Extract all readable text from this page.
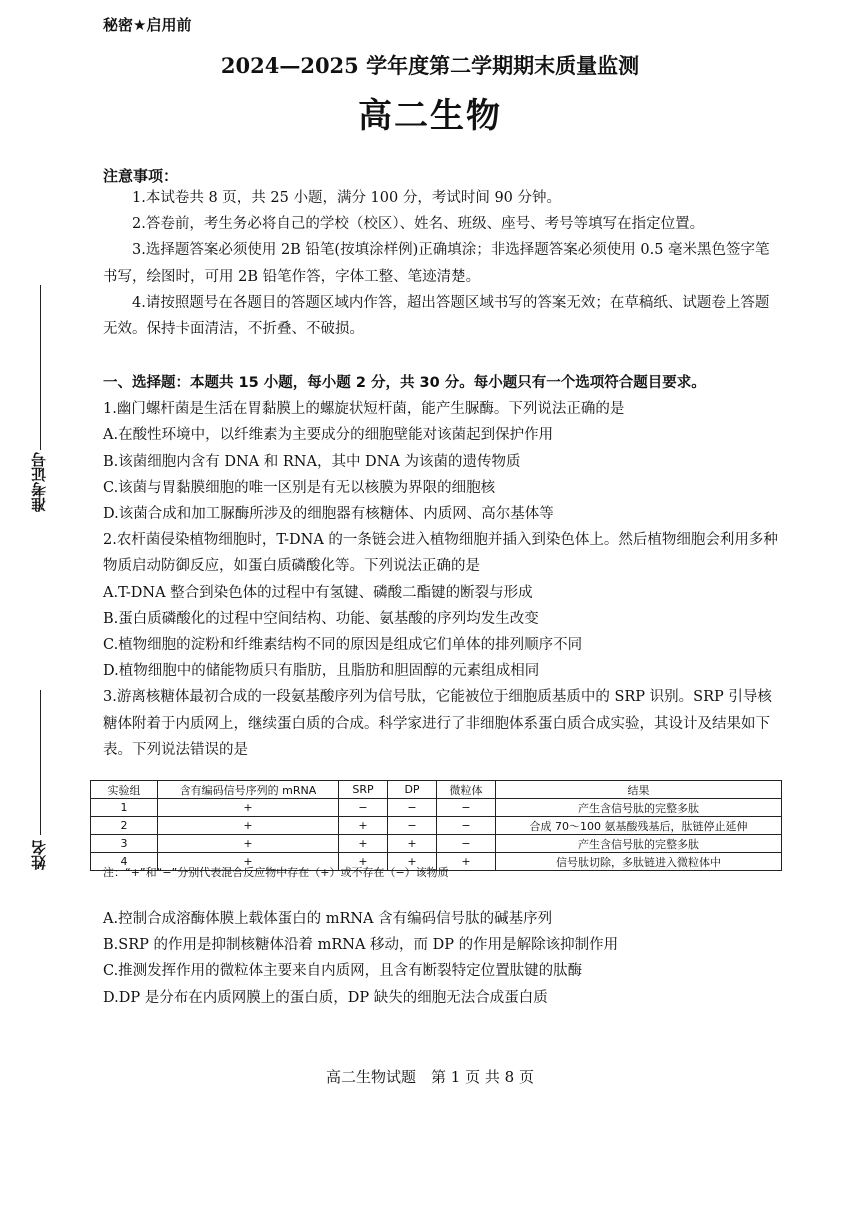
准考证号
姓名
秘密★启用前
2024—2025 学年度第二学期期末质量监测
高二生物
注意事项：

1.本试卷共 8 页，共 25 小题，满分 100 分，考试时间 90 分钟。

2.答卷前，考生务必将自己的学校（校区）、姓名、班级、座号、考号等填写在指定位置。

3.选择题答案必须使用 2B 铅笔(按填涂样例)正确填涂；非选择题答案必须使用 0.5 毫米黑色签字笔书写，绘图时，可用 2B 铅笔作答，字体工整、笔迹清楚。

4.请按照题号在各题目的答题区域内作答，超出答题区域书写的答案无效；在草稿纸、试题卷上答题无效。保持卡面清洁，不折叠、不破损。

一、选择题：本题共 15 小题，每小题 2 分，共 30 分。每小题只有一个选项符合题目要求。

1.幽门螺杆菌是生活在胃黏膜上的螺旋状短杆菌，能产生脲酶。下列说法正确的是

A.在酸性环境中，以纤维素为主要成分的细胞壁能对该菌起到保护作用

B.该菌细胞内含有 DNA 和 RNA，其中 DNA 为该菌的遗传物质

C.该菌与胃黏膜细胞的唯一区别是有无以核膜为界限的细胞核

D.该菌合成和加工脲酶所涉及的细胞器有核糖体、内质网、高尔基体等

2.农杆菌侵染植物细胞时，T-DNA 的一条链会进入植物细胞并插入到染色体上。然后植物细胞会利用多种物质启动防御反应，如蛋白质磷酸化等。下列说法正确的是

A.T-DNA 整合到染色体的过程中有氢键、磷酸二酯键的断裂与形成

B.蛋白质磷酸化的过程中空间结构、功能、氨基酸的序列均发生改变

C.植物细胞的淀粉和纤维素结构不同的原因是组成它们单体的排列顺序不同

D.植物细胞中的储能物质只有脂肪，且脂肪和胆固醇的元素组成相同

3.游离核糖体最初合成的一段氨基酸序列为信号肽，它能被位于细胞质基质中的 SRP 识别。SRP 引导核糖体附着于内质网上，继续蛋白质的合成。科学家进行了非细胞体系蛋白质合成实验，其设计及结果如下表。下列说法错误的是

实验组	含有编码信号序列的 mRNA	SRP	DP	微粒体	结果
1	+	−	−	−	产生含信号肽的完整多肽
2	+	+	−	−	合成 70～100 氨基酸残基后，肽链停止延伸
3	+	+	+	−	产生含信号肽的完整多肽
4	+	+	+	+	信号肽切除，多肽链进入微粒体中
注：“+”和“−”分别代表混合反应物中存在（+）或不存在（−）该物质

A.控制合成溶酶体膜上载体蛋白的 mRNA 含有编码信号肽的碱基序列

B.SRP 的作用是抑制核糖体沿着 mRNA 移动，而 DP 的作用是解除该抑制作用

C.推测发挥作用的微粒体主要来自内质网，且含有断裂特定位置肽键的肽酶

D.DP 是分布在内质网膜上的蛋白质，DP 缺失的细胞无法合成蛋白质

高二生物试题　第 1 页 共 8 页
